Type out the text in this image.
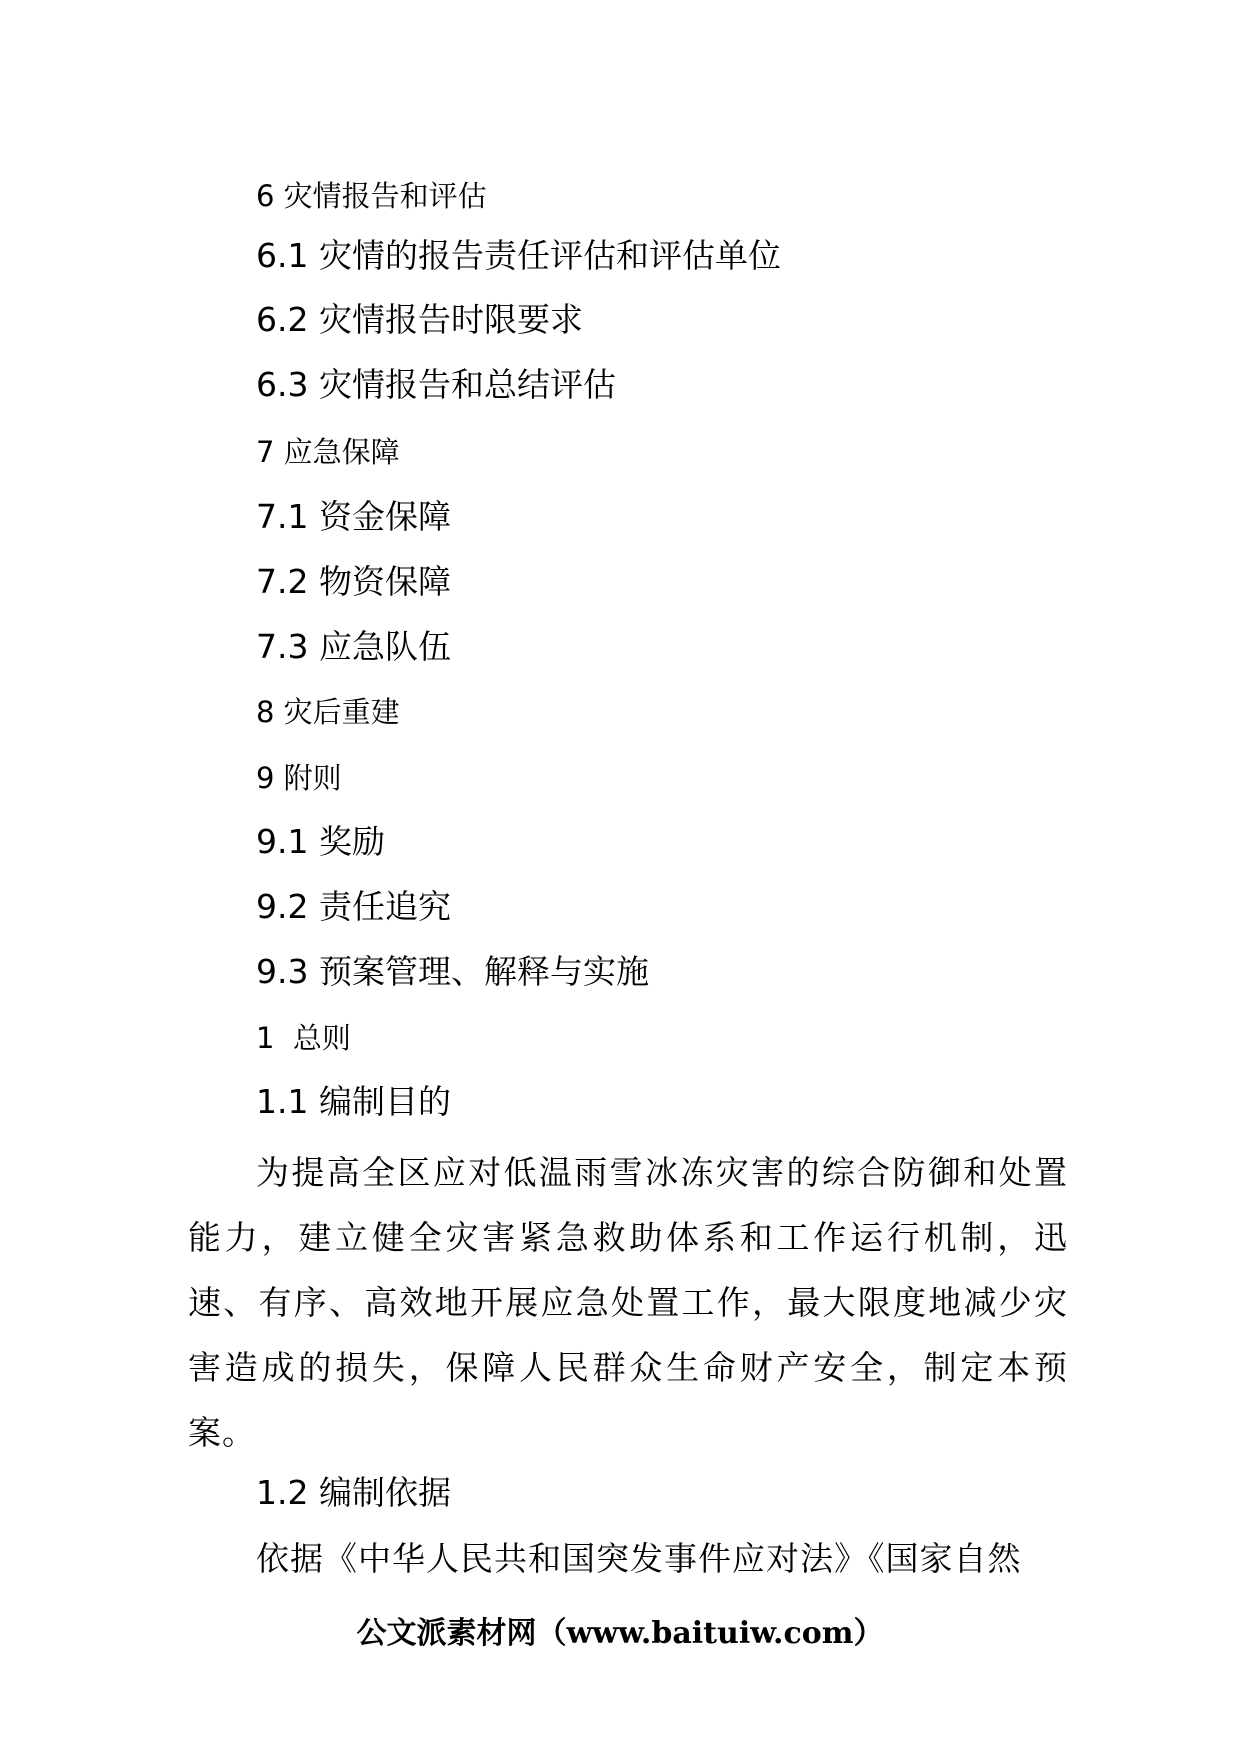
6 灾情报告和评估
6.1 灾情的报告责任评估和评估单位
6.2 灾情报告时限要求
6.3 灾情报告和总结评估
7 应急保障
7.1 资金保障
7.2 物资保障
7.3 应急队伍
8 灾后重建
9 附则
9.1 奖励
9.2 责任追究
9.3 预案管理、解释与实施
1  总则
1.1 编制目的
为提高全区应对低温雨雪冰冻灾害的综合防御和处置能力，建立健全灾害紧急救助体系和工作运行机制，迅速、有序、高效地开展应急处置工作，最大限度地减少灾害造成的损失，保障人民群众生命财产安全，制定本预案。
1.2 编制依据
依据《中华人民共和国突发事件应对法》《国家自然
公文派素材网（www.baituiw.com）
